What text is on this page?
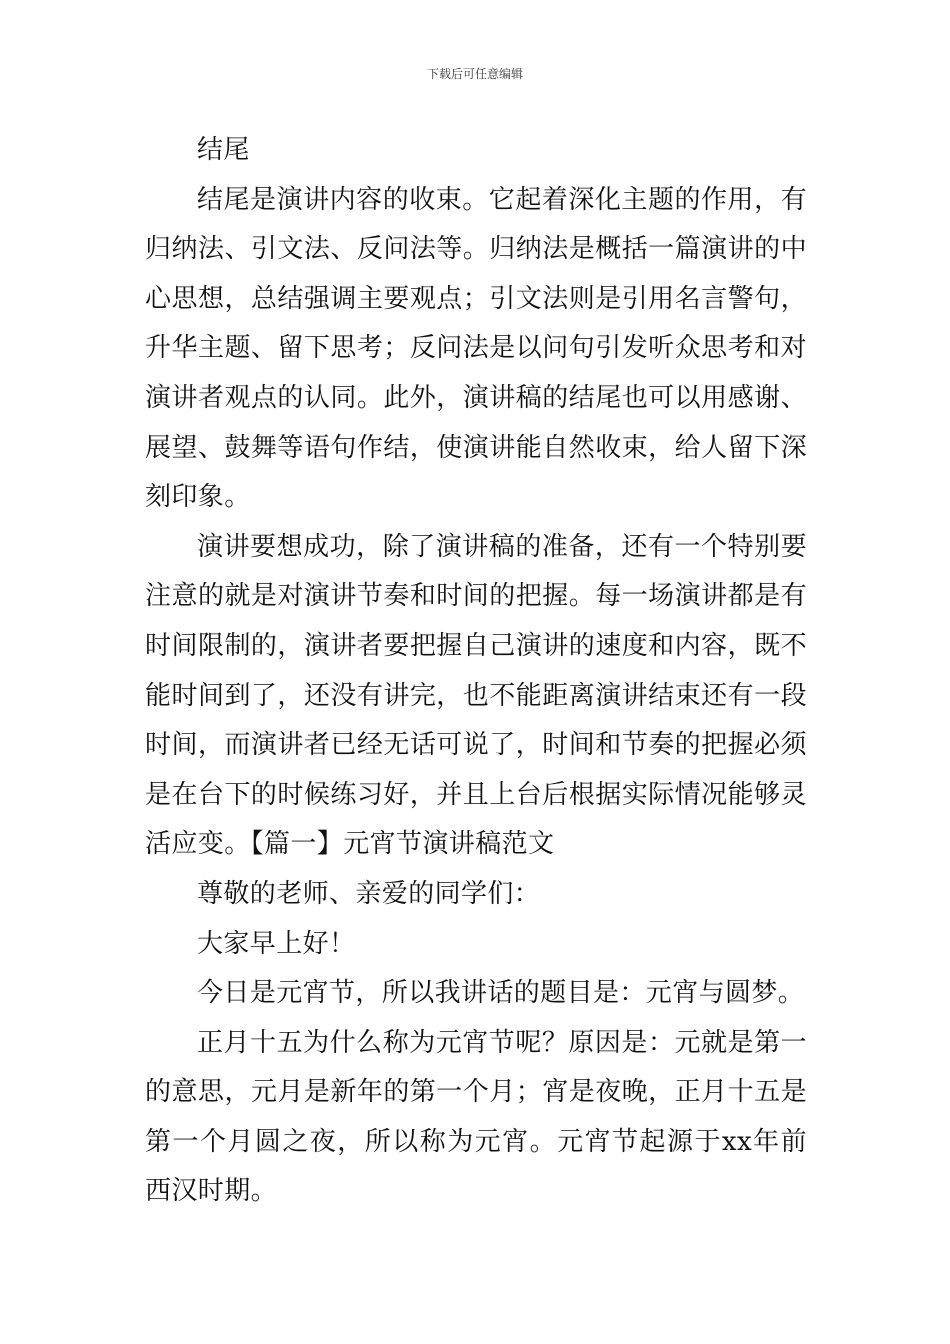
下载后可任意编辑

结尾

结尾是演讲内容的收束。它起着深化主题的作用，有归纳法、引文法、反问法等。归纳法是概括一篇演讲的中心思想，总结强调主要观点；引文法则是引用名言警句，升华主题、留下思考；反问法是以问句引发听众思考和对演讲者观点的认同。此外，演讲稿的结尾也可以用感谢、展望、鼓舞等语句作结，使演讲能自然收束，给人留下深刻印象。

演讲要想成功，除了演讲稿的准备，还有一个特别要注意的就是对演讲节奏和时间的把握。每一场演讲都是有时间限制的，演讲者要把握自己演讲的速度和内容，既不能时间到了，还没有讲完，也不能距离演讲结束还有一段时间，而演讲者已经无话可说了，时间和节奏的把握必须是在台下的时候练习好，并且上台后根据实际情况能够灵活应变。【篇一】元宵节演讲稿范文

尊敬的老师、亲爱的同学们：

大家早上好！

今日是元宵节，所以我讲话的题目是：元宵与圆梦。

正月十五为什么称为元宵节呢？原因是：元就是第一的意思，元月是新年的第一个月；宵是夜晚，正月十五是第一个月圆之夜，所以称为元宵。元宵节起源于xx年前西汉时期。
